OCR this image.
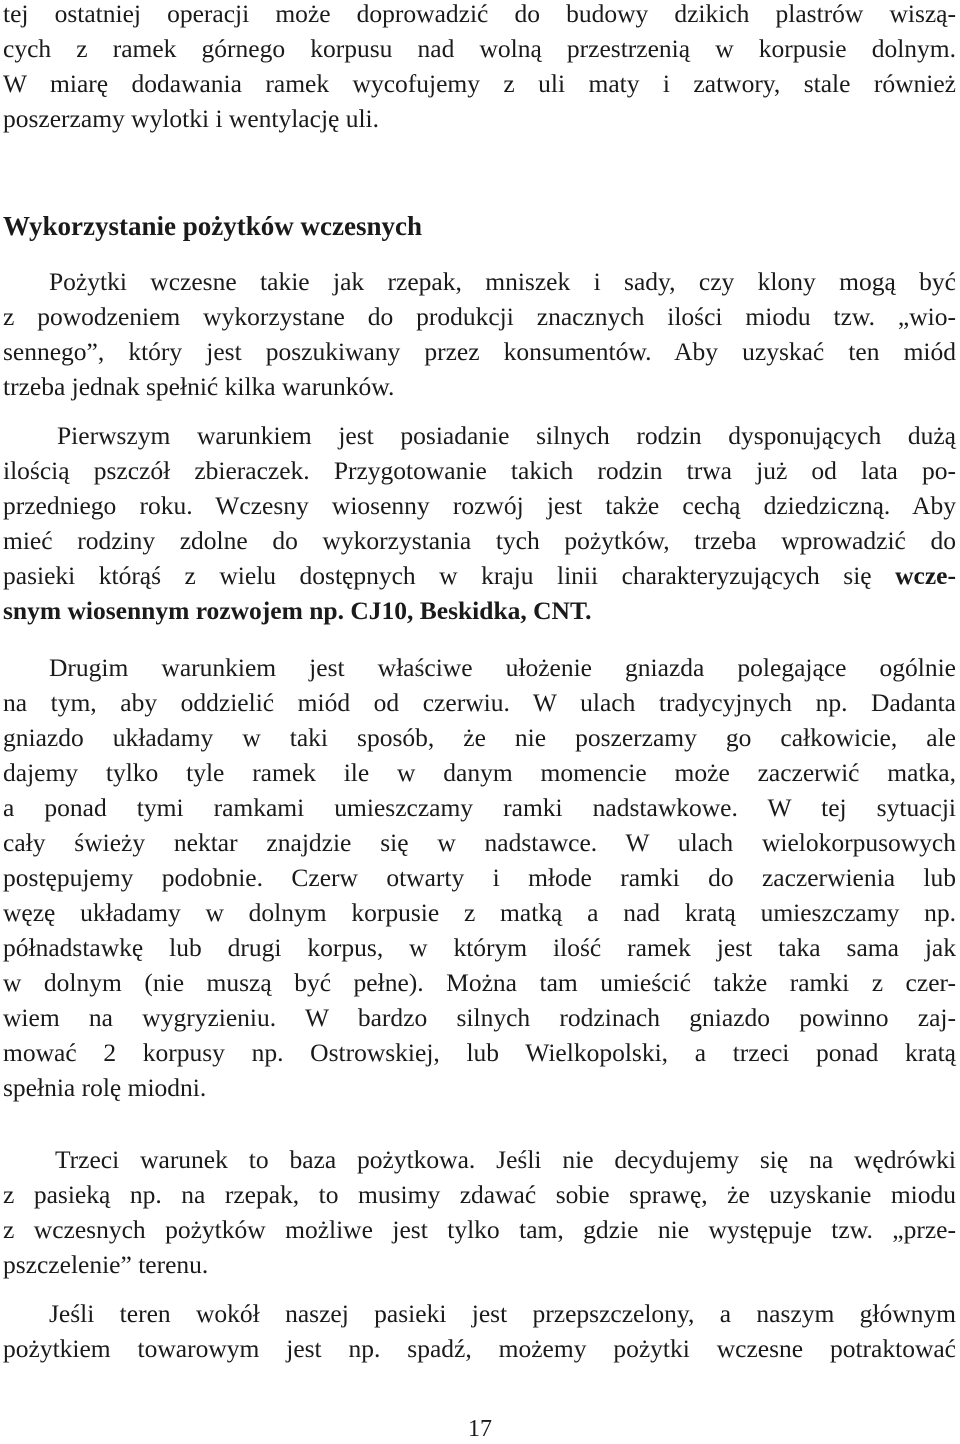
tej ostatniej operacji może doprowadzić do budowy dzikich plastrów wiszą-
cych z ramek górnego korpusu nad wolną przestrzenią w korpusie dolnym.
W miarę dodawania ramek wycofujemy z uli maty i zatwory, stale również
poszerzamy wylotki i wentylację uli.
Wykorzystanie pożytków wczesnych
Pożytki wczesne takie jak rzepak, mniszek i sady, czy klony mogą być
z powodzeniem wykorzystane do produkcji znacznych ilości miodu tzw. „wio-
sennego”, który jest poszukiwany przez konsumentów. Aby uzyskać ten miód
trzeba jednak spełnić kilka warunków.
Pierwszym warunkiem jest posiadanie silnych rodzin dysponujących dużą
ilością pszczół zbieraczek. Przygotowanie takich rodzin trwa już od lata po-
przedniego roku. Wczesny wiosenny rozwój jest także cechą dziedziczną. Aby
mieć rodziny zdolne do wykorzystania tych pożytków, trzeba wprowadzić do
pasieki którąś z wielu dostępnych w kraju linii charakteryzujących się wcze-
snym wiosennym rozwojem np. CJ10, Beskidka, CNT.
Drugim warunkiem jest właściwe ułożenie gniazda polegające ogólnie
na tym, aby oddzielić miód od czerwiu. W ulach tradycyjnych np. Dadanta
gniazdo układamy w taki sposób, że nie poszerzamy go całkowicie, ale
dajemy tylko tyle ramek ile w danym momencie może zaczerwić matka,
a ponad tymi ramkami umieszczamy ramki nadstawkowe. W tej sytuacji
cały świeży nektar znajdzie się w nadstawce. W ulach wielokorpusowych
postępujemy podobnie. Czerw otwarty i młode ramki do zaczerwienia lub
węzę układamy w dolnym korpusie z matką a nad kratą umieszczamy np.
półnadstawkę lub drugi korpus, w którym ilość ramek jest taka sama jak
w dolnym (nie muszą być pełne). Można tam umieścić także ramki z czer-
wiem na wygryzieniu. W bardzo silnych rodzinach gniazdo powinno zaj-
mować 2 korpusy np. Ostrowskiej, lub Wielkopolski, a trzeci ponad kratą
spełnia rolę miodni.
Trzeci warunek to baza pożytkowa. Jeśli nie decydujemy się na wędrówki
z pasieką np. na rzepak, to musimy zdawać sobie sprawę, że uzyskanie miodu
z wczesnych pożytków możliwe jest tylko tam, gdzie nie występuje tzw. „prze-
pszczelenie” terenu.
Jeśli teren wokół naszej pasieki jest przepszczelony, a naszym głównym
pożytkiem towarowym jest np. spadź, możemy pożytki wczesne potraktować
17
